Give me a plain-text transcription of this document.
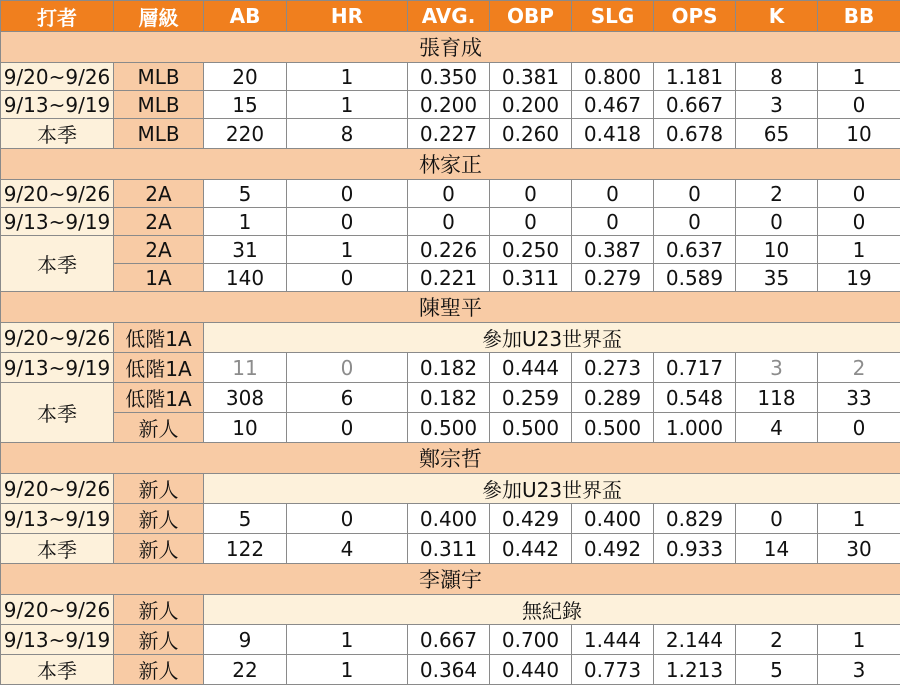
打者	層級	AB	HR	AVG.	OBP	SLG	OPS	K	BB
張育成									
9/20~9/26	MLB	20	1	0.350	0.381	0.800	1.181	8	1
9/13~9/19	MLB	15	1	0.200	0.200	0.467	0.667	3	0
本季	MLB	220	8	0.227	0.260	0.418	0.678	65	10
林家正									
9/20~9/26	2A	5	0	0	0	0	0	2	0
9/13~9/19	2A	1	0	0	0	0	0	0	0
本季	2A	31	1	0.226	0.250	0.387	0.637	10	1
	1A	140	0	0.221	0.311	0.279	0.589	35	19
陳聖平									
9/20~9/26	低階1A	參加U23世界盃							
9/13~9/19	低階1A	11	0	0.182	0.444	0.273	0.717	3	2
本季	低階1A	308	6	0.182	0.259	0.289	0.548	118	33
	新人	10	0	0.500	0.500	0.500	1.000	4	0
鄭宗哲									
9/20~9/26	新人	參加U23世界盃							
9/13~9/19	新人	5	0	0.400	0.429	0.400	0.829	0	1
本季	新人	122	4	0.311	0.442	0.492	0.933	14	30
李灝宇									
9/20~9/26	新人	無紀錄							
9/13~9/19	新人	9	1	0.667	0.700	1.444	2.144	2	1
本季	新人	22	1	0.364	0.440	0.773	1.213	5	3
